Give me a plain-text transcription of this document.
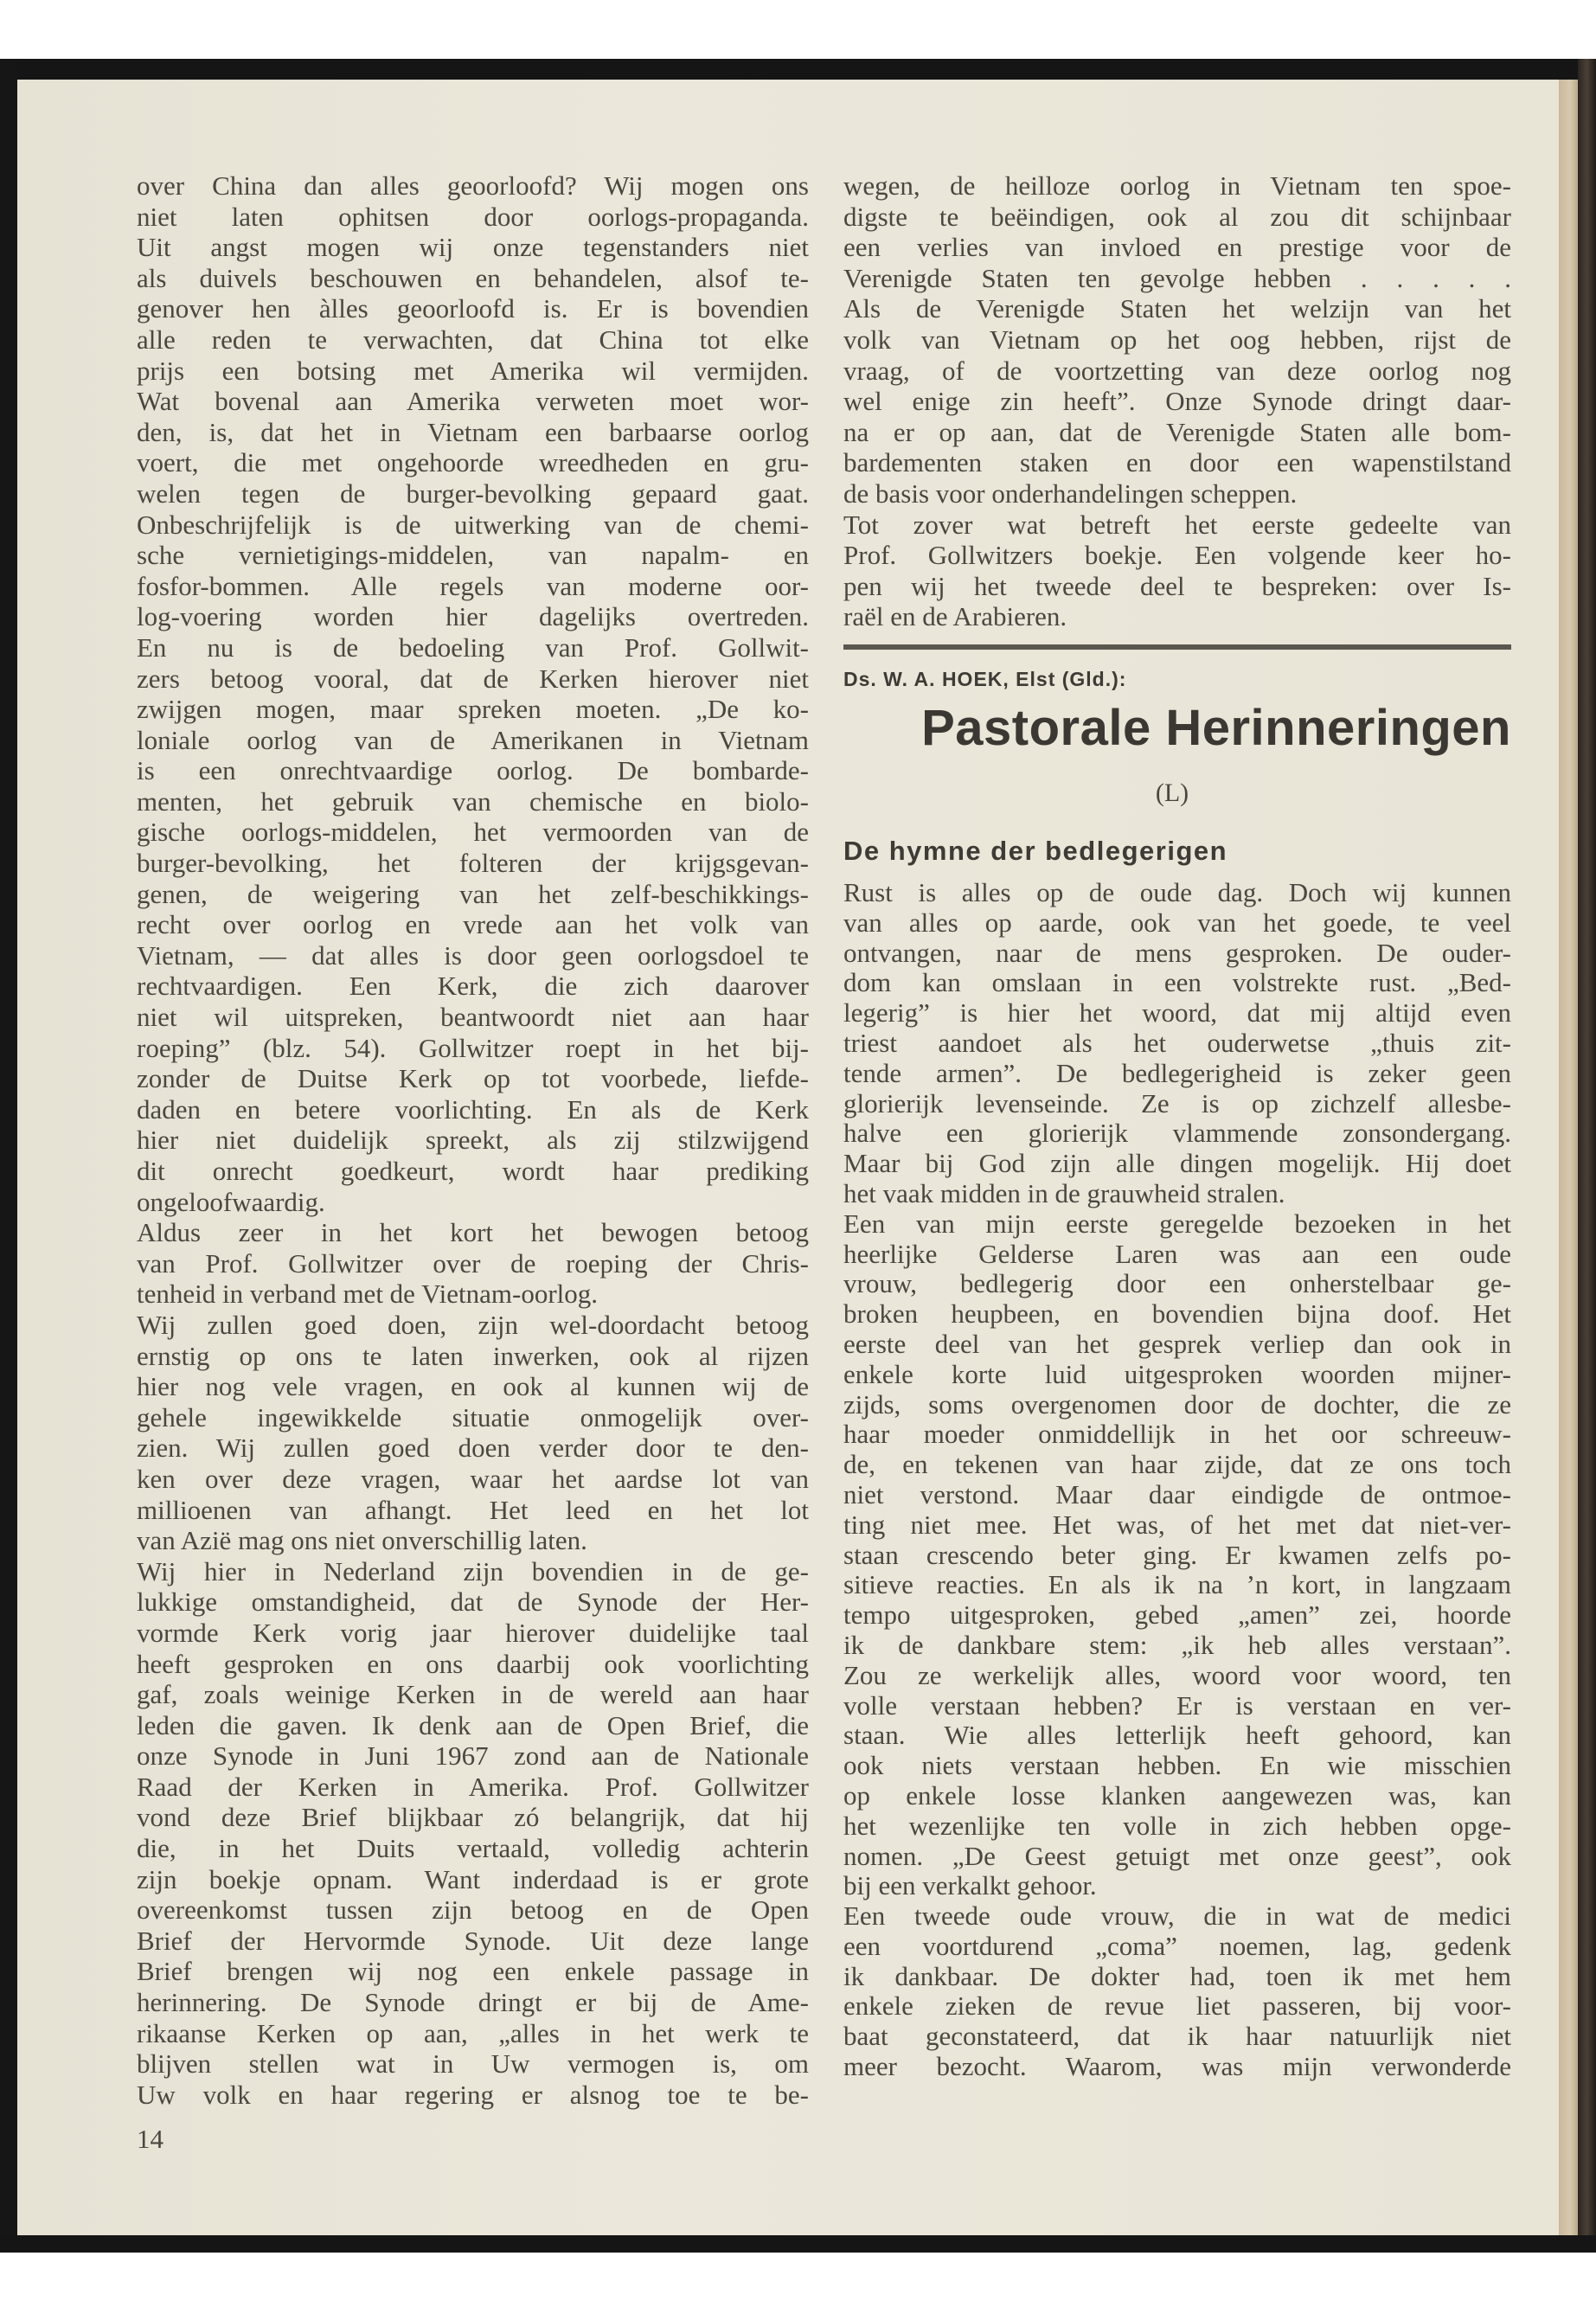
over China dan alles geoorloofd? Wij mogen ons
niet laten ophitsen door oorlogs-propaganda.
Uit angst mogen wij onze tegenstanders niet
als duivels beschouwen en behandelen, alsof te-
genover hen àlles geoorloofd is. Er is bovendien
alle reden te verwachten, dat China tot elke
prijs een botsing met Amerika wil vermijden.
Wat bovenal aan Amerika verweten moet wor-
den, is, dat het in Vietnam een barbaarse oorlog
voert, die met ongehoorde wreedheden en gru-
welen tegen de burger-bevolking gepaard gaat.
Onbeschrijfelijk is de uitwerking van de chemi-
sche vernietigings-middelen, van napalm- en
fosfor-bommen. Alle regels van moderne oor-
log-voering worden hier dagelijks overtreden.
En nu is de bedoeling van Prof. Gollwit-
zers betoog vooral, dat de Kerken hierover niet
zwijgen mogen, maar spreken moeten. „De ko-
loniale oorlog van de Amerikanen in Vietnam
is een onrechtvaardige oorlog. De bombarde-
menten, het gebruik van chemische en biolo-
gische oorlogs-middelen, het vermoorden van de
burger-bevolking, het folteren der krijgsgevan-
genen, de weigering van het zelf-beschikkings-
recht over oorlog en vrede aan het volk van
Vietnam, — dat alles is door geen oorlogsdoel te
rechtvaardigen. Een Kerk, die zich daarover
niet wil uitspreken, beantwoordt niet aan haar
roeping” (blz. 54). Gollwitzer roept in het bij-
zonder de Duitse Kerk op tot voorbede, liefde-
daden en betere voorlichting. En als de Kerk
hier niet duidelijk spreekt, als zij stilzwijgend
dit onrecht goedkeurt, wordt haar prediking
ongeloofwaardig.
Aldus zeer in het kort het bewogen betoog
van Prof. Gollwitzer over de roeping der Chris-
tenheid in verband met de Vietnam-oorlog.
Wij zullen goed doen, zijn wel-doordacht betoog
ernstig op ons te laten inwerken, ook al rijzen
hier nog vele vragen, en ook al kunnen wij de
gehele ingewikkelde situatie onmogelijk over-
zien. Wij zullen goed doen verder door te den-
ken over deze vragen, waar het aardse lot van
millioenen van afhangt. Het leed en het lot
van Azië mag ons niet onverschillig laten.
Wij hier in Nederland zijn bovendien in de ge-
lukkige omstandigheid, dat de Synode der Her-
vormde Kerk vorig jaar hierover duidelijke taal
heeft gesproken en ons daarbij ook voorlichting
gaf, zoals weinige Kerken in de wereld aan haar
leden die gaven. Ik denk aan de Open Brief, die
onze Synode in Juni 1967 zond aan de Nationale
Raad der Kerken in Amerika. Prof. Gollwitzer
vond deze Brief blijkbaar zó belangrijk, dat hij
die, in het Duits vertaald, volledig achterin
zijn boekje opnam. Want inderdaad is er grote
overeenkomst tussen zijn betoog en de Open
Brief der Hervormde Synode. Uit deze lange
Brief brengen wij nog een enkele passage in
herinnering. De Synode dringt er bij de Ame-
rikaanse Kerken op aan, „alles in het werk te
blijven stellen wat in Uw vermogen is, om
Uw volk en haar regering er alsnog toe te be-
14
wegen, de heilloze oorlog in Vietnam ten spoe-
digste te beëindigen, ook al zou dit schijnbaar
een verlies van invloed en prestige voor de
Verenigde Staten ten gevolge hebben . . . . .
Als de Verenigde Staten het welzijn van het
volk van Vietnam op het oog hebben, rijst de
vraag, of de voortzetting van deze oorlog nog
wel enige zin heeft”. Onze Synode dringt daar-
na er op aan, dat de Verenigde Staten alle bom-
bardementen staken en door een wapenstilstand
de basis voor onderhandelingen scheppen.
Tot zover wat betreft het eerste gedeelte van
Prof. Gollwitzers boekje. Een volgende keer ho-
pen wij het tweede deel te bespreken: over Is-
raël en de Arabieren.
Ds. W. A. HOEK, Elst (Gld.):
Pastorale Herinneringen
(L)
De hymne der bedlegerigen
Rust is alles op de oude dag. Doch wij kunnen
van alles op aarde, ook van het goede, te veel
ontvangen, naar de mens gesproken. De ouder-
dom kan omslaan in een volstrekte rust. „Bed-
legerig” is hier het woord, dat mij altijd even
triest aandoet als het ouderwetse „thuis zit-
tende armen”. De bedlegerigheid is zeker geen
glorierijk levenseinde. Ze is op zichzelf allesbe-
halve een glorierijk vlammende zonsondergang.
Maar bij God zijn alle dingen mogelijk. Hij doet
het vaak midden in de grauwheid stralen.
Een van mijn eerste geregelde bezoeken in het
heerlijke Gelderse Laren was aan een oude
vrouw, bedlegerig door een onherstelbaar ge-
broken heupbeen, en bovendien bijna doof. Het
eerste deel van het gesprek verliep dan ook in
enkele korte luid uitgesproken woorden mijner-
zijds, soms overgenomen door de dochter, die ze
haar moeder onmiddellijk in het oor schreeuw-
de, en tekenen van haar zijde, dat ze ons toch
niet verstond. Maar daar eindigde de ontmoe-
ting niet mee. Het was, of het met dat niet-ver-
staan crescendo beter ging. Er kwamen zelfs po-
sitieve reacties. En als ik na ’n kort, in langzaam
tempo uitgesproken, gebed „amen” zei, hoorde
ik de dankbare stem: „ik heb alles verstaan”.
Zou ze werkelijk alles, woord voor woord, ten
volle verstaan hebben? Er is verstaan en ver-
staan. Wie alles letterlijk heeft gehoord, kan
ook niets verstaan hebben. En wie misschien
op enkele losse klanken aangewezen was, kan
het wezenlijke ten volle in zich hebben opge-
nomen. „De Geest getuigt met onze geest”, ook
bij een verkalkt gehoor.
Een tweede oude vrouw, die in wat de medici
een voortdurend „coma” noemen, lag, gedenk
ik dankbaar. De dokter had, toen ik met hem
enkele zieken de revue liet passeren, bij voor-
baat geconstateerd, dat ik haar natuurlijk niet
meer bezocht. Waarom, was mijn verwonderde
